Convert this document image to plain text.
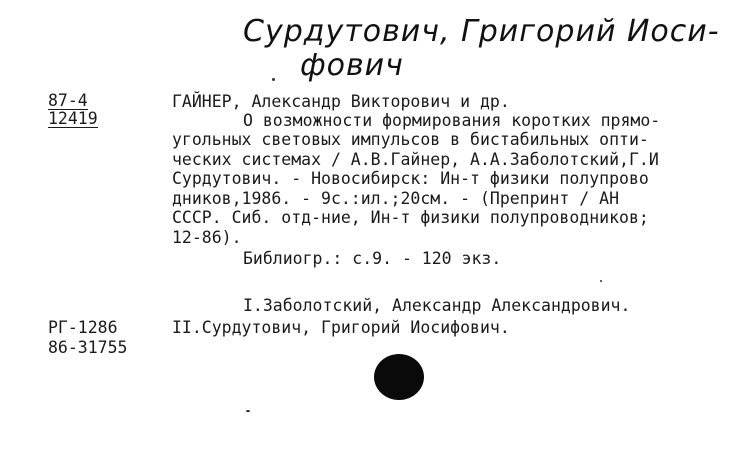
Сурдутович, Григорий Иоси-
фович
87-4
12419
ГАЙНЕР, Александр Викторович и др.
О возможности формирования коротких прямо-
угольных световых импульсов в бистабильных опти-
ческих системах / А.В.Гайнер, А.А.Заболотский,Г.И
Сурдутович. - Новосибирск: Ин-т физики полупрово
дников,1986. - 9с.:ил.;20см. - (Препринт / АН
СССР. Сиб. отд-ние, Ин-т физики полупроводников;
12-86).
Библиогр.: с.9. - 120 экз.
I.Заболотский, Александр Александрович.
II.Сурдутович, Григорий Иосифович.
РГ-1286
86-31755
